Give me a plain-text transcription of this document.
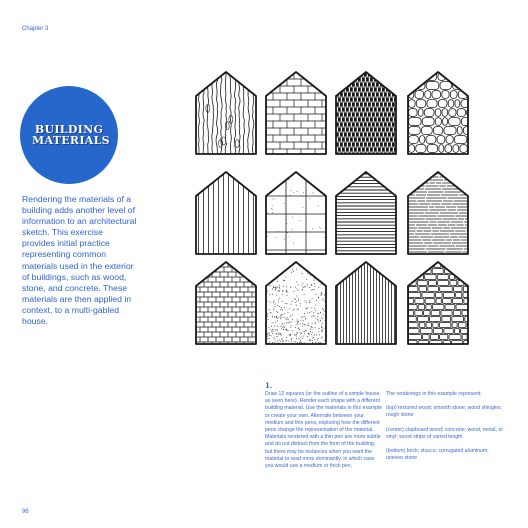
Chapter 3
BUILDING MATERIALS
Rendering the materials of a building adds another level of information to an architectural sketch. This exercise provides initial practice representing common materials used in the exterior of buildings, such as wood, stone, and concrete. These materials are then applied in context, to a multi-gabled house.
1.
Draw 12 squares (or the outline of a simple house, as seen here). Render each shape with a different building material. Use the materials in this example or create your own. Alternate between your medium and thin pens, exploring how the different pens change the representation of the material. Materials rendered with a thin pen are more subtle and do not distract from the form of the building, but there may be instances when you want the material to read more dominantly, in which case you would use a medium or thick pen.

The renderings in this example represent:

(top) textured wood; smooth stone; wood shingles; rough stone

(center) clapboard wood; concrete; wood, metal, or vinyl; wood strips of varied length

(bottom) brick; stucco; corrugated aluminum; uneven stone

96
